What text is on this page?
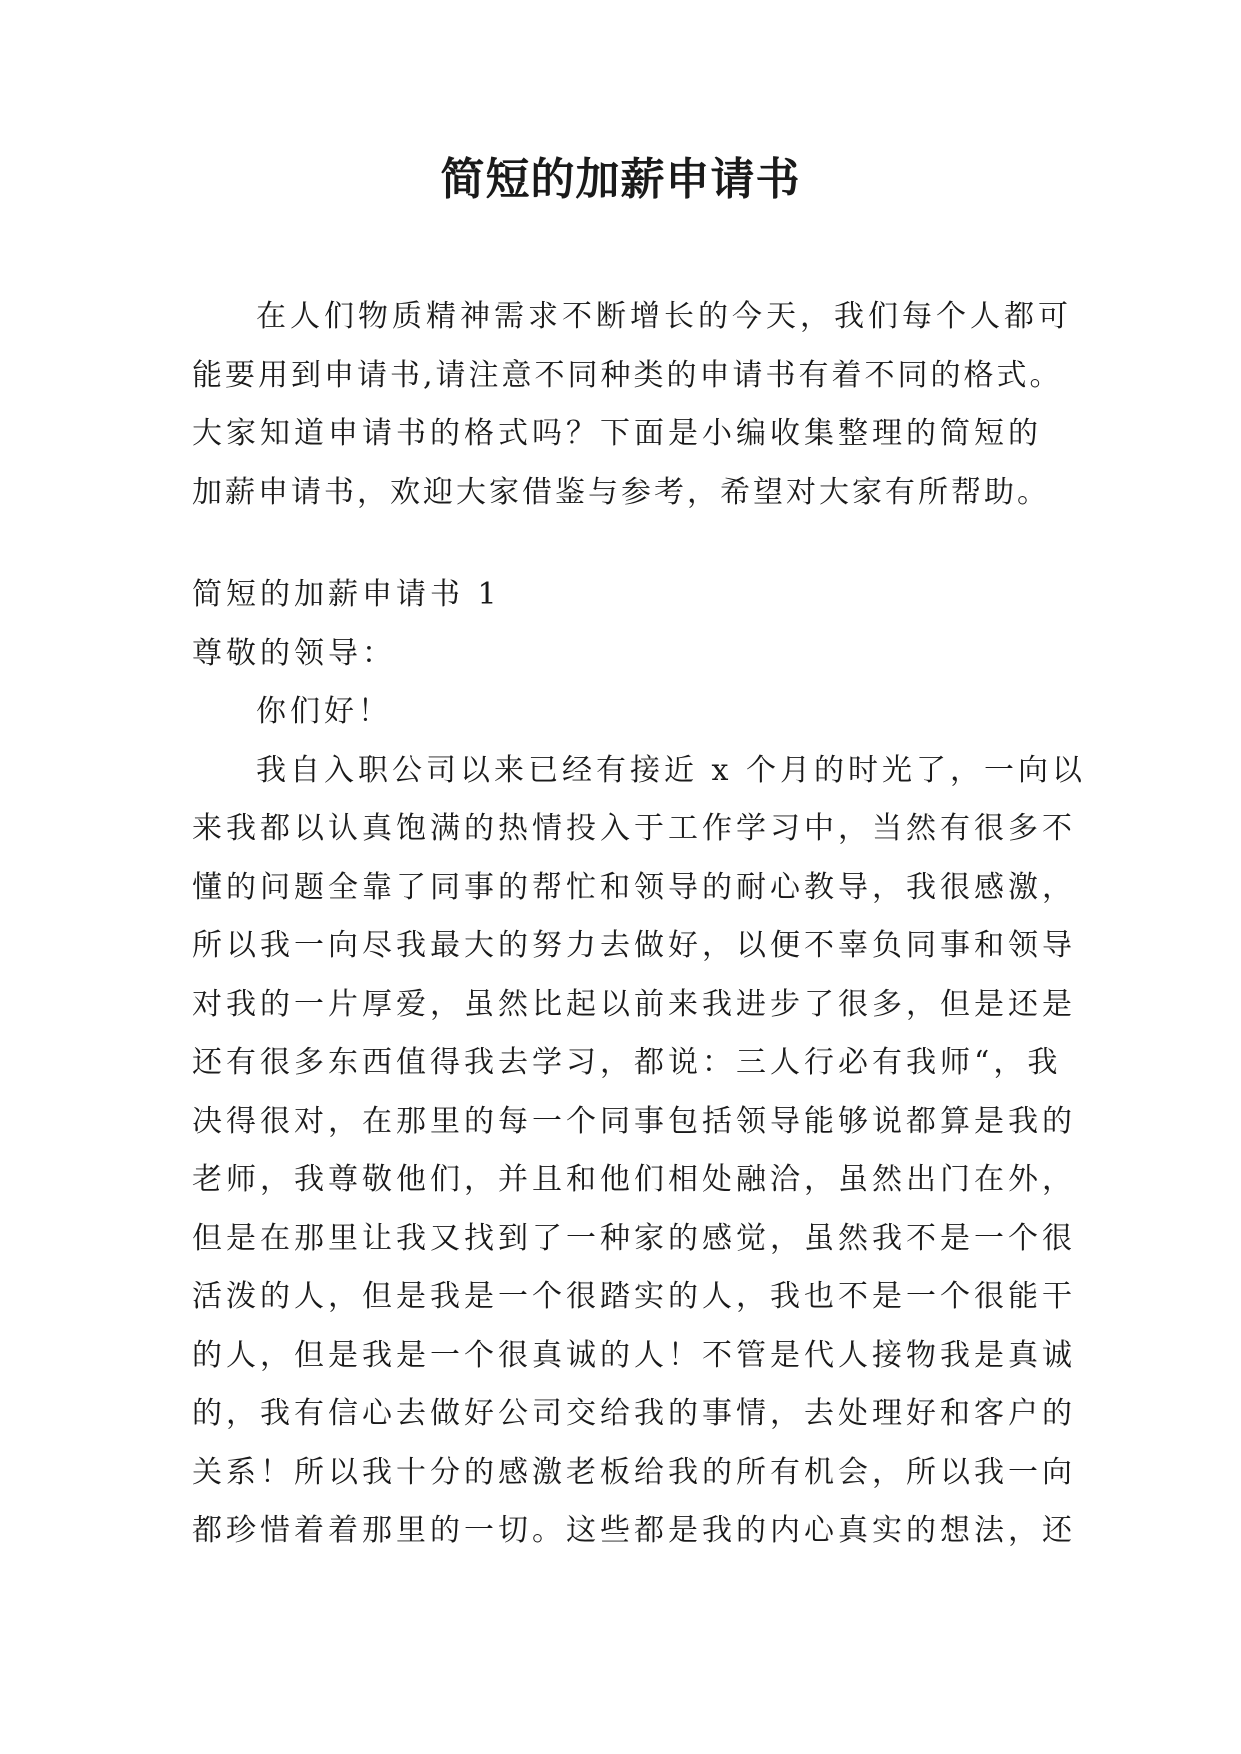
简短的加薪申请书
在人们物质精神需求不断增长的今天，我们每个人都可
能要用到申请书,请注意不同种类的申请书有着不同的格式。
大家知道申请书的格式吗？下面是小编收集整理的简短的
加薪申请书，欢迎大家借鉴与参考，希望对大家有所帮助。
简短的加薪申请书 1
尊敬的领导：
你们好！
我自入职公司以来已经有接近 x 个月的时光了，一向以
来我都以认真饱满的热情投入于工作学习中，当然有很多不
懂的问题全靠了同事的帮忙和领导的耐心教导，我很感激，
所以我一向尽我最大的努力去做好，以便不辜负同事和领导
对我的一片厚爱，虽然比起以前来我进步了很多，但是还是
还有很多东西值得我去学习，都说：三人行必有我师“，我
决得很对，在那里的每一个同事包括领导能够说都算是我的
老师，我尊敬他们，并且和他们相处融洽，虽然出门在外，
但是在那里让我又找到了一种家的感觉，虽然我不是一个很
活泼的人，但是我是一个很踏实的人，我也不是一个很能干
的人，但是我是一个很真诚的人！不管是代人接物我是真诚
的，我有信心去做好公司交给我的事情，去处理好和客户的
关系！所以我十分的感激老板给我的所有机会，所以我一向
都珍惜着着那里的一切。这些都是我的内心真实的想法，还
